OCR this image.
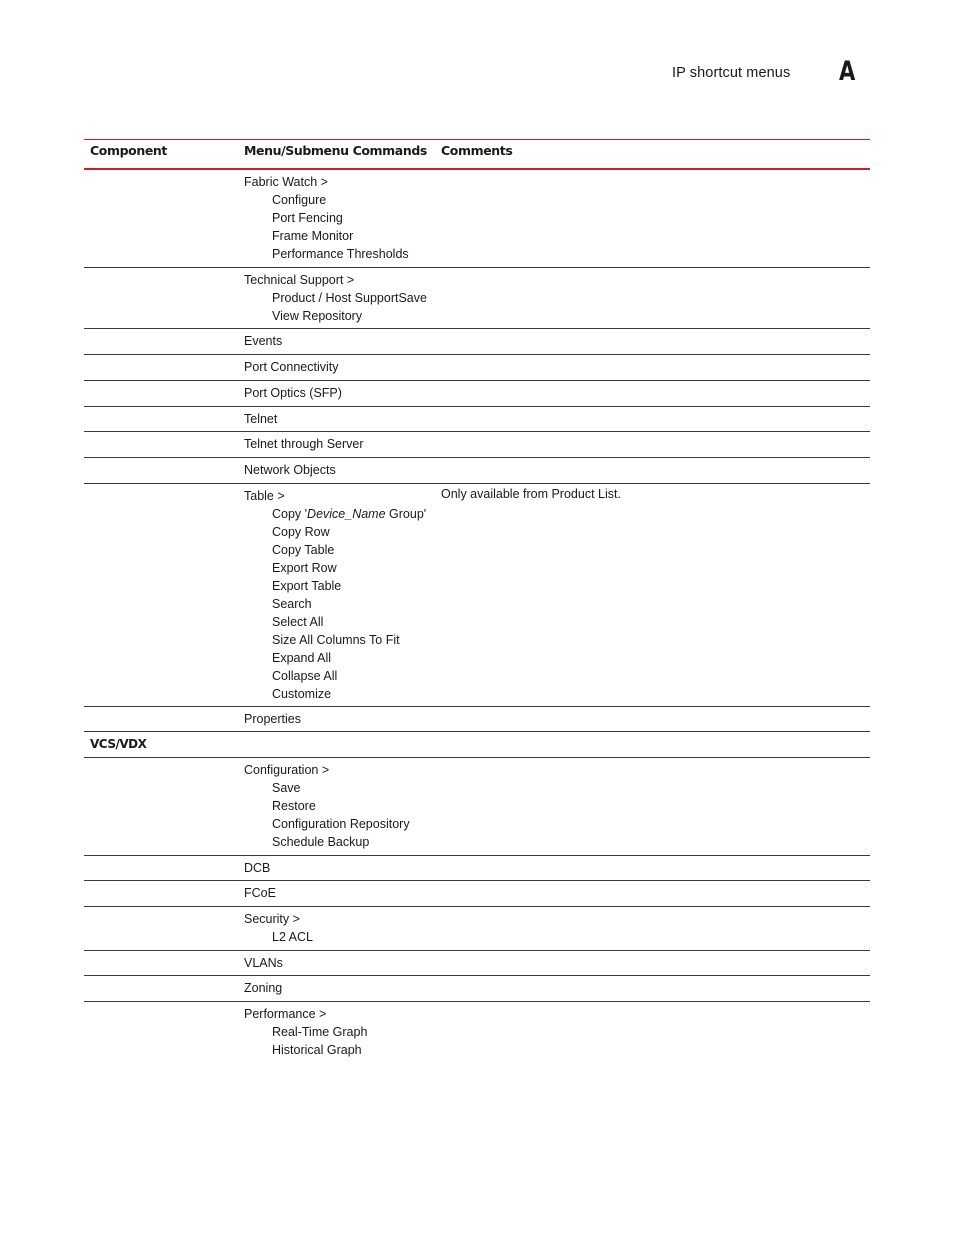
IP shortcut menus A
Component	Menu/Submenu Commands Comments
Fabric Watch >
Configure
Port Fencing
Frame Monitor
Performance Thresholds
Technical Support >
Product / Host SupportSave
View Repository
Events
Port Connectivity
Port Optics (SFP)
Telnet
Telnet through Server
Network Objects
Table >
Copy 'Device_Name Group'
Copy Row
Copy Table
Export Row
Export Table
Search
Select All
Size All Columns To Fit
Expand All
Collapse All
Customize
Only available from Product List.
Properties
VCS/VDX
Configuration >
Save
Restore
Configuration Repository
Schedule Backup
DCB
FCoE
Security >
L2 ACL
VLANs
Zoning
Performance >
Real-Time Graph
Historical Graph
